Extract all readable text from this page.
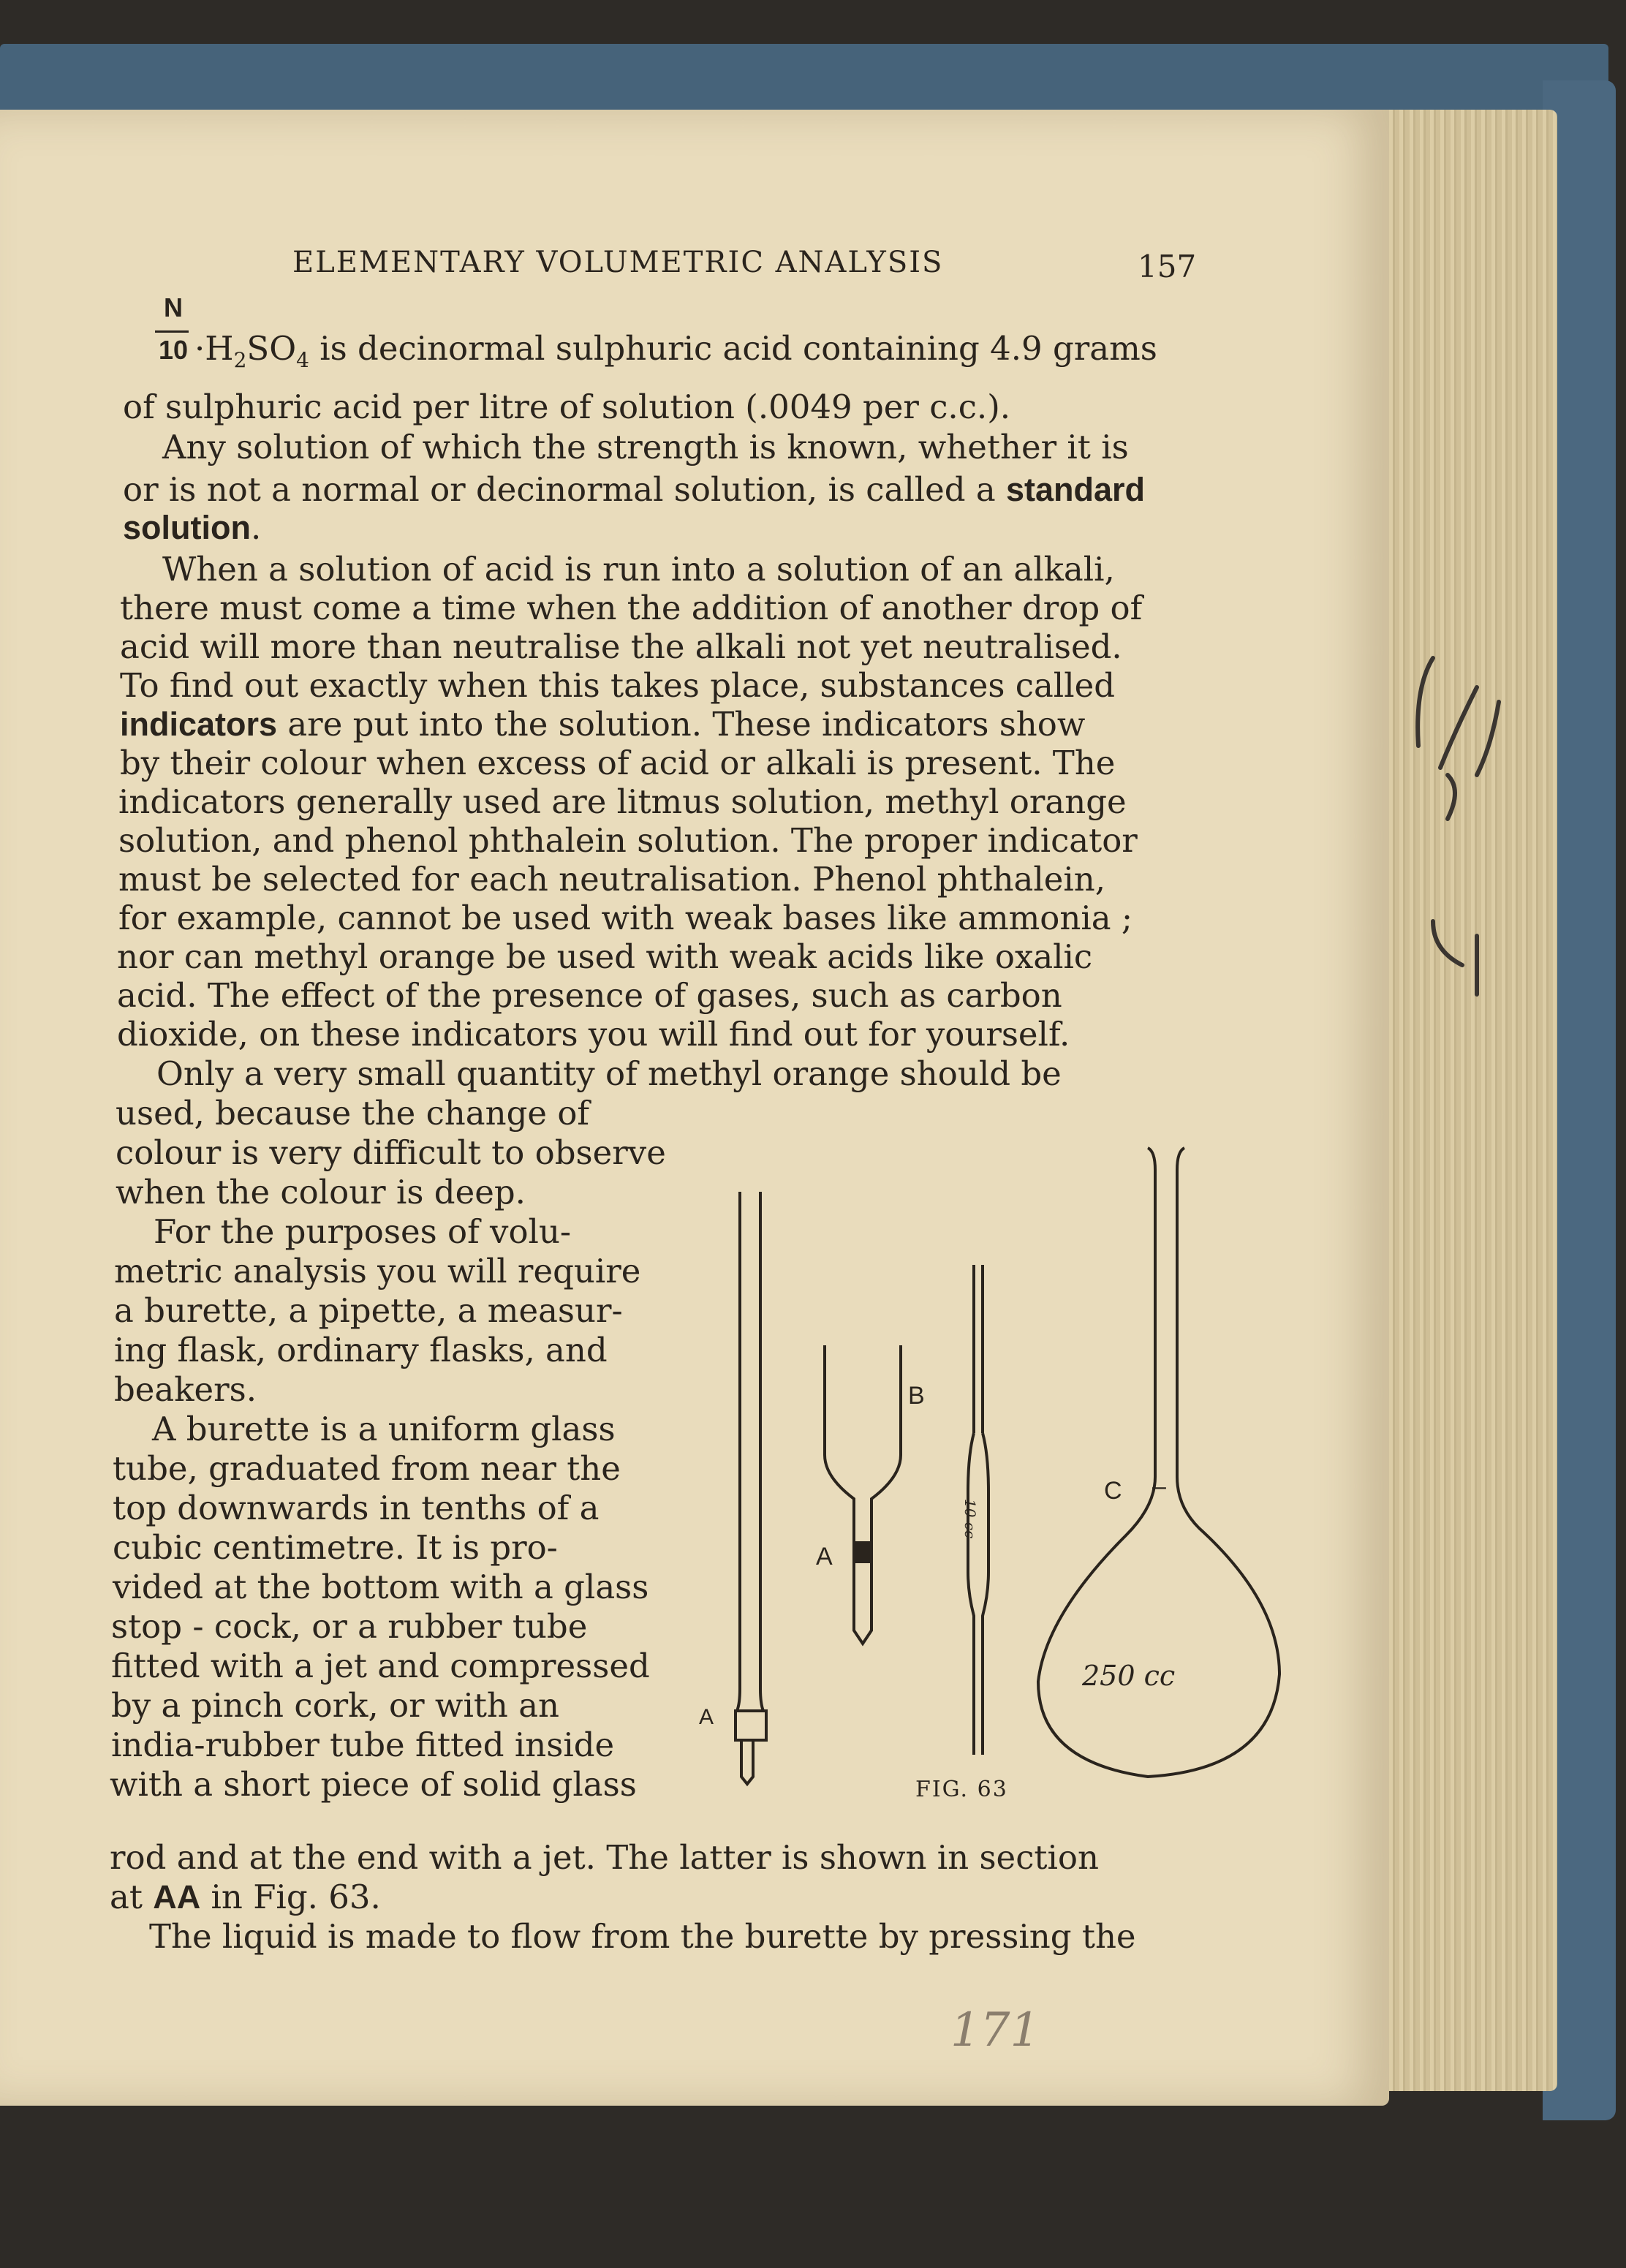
ELEMENTARY VOLUMETRIC ANALYSIS	157
N
$10 \cdot H_2SO_4$ is decinormal sulphuric acid containing 4.9 grams
of sulphuric acid per litre of solution (.0049 per c.c.).
Any solution of which the strength is known, whether it is
or is not a normal or decinormal solution, is called a standard
solution.
When a solution of acid is run into a solution of an alkali,
there must come a time when the addition of another drop of
acid will more than neutralise the alkali not yet neutralised.
To find out exactly when this takes place, substances called
indicators are put into the solution. These indicators show
by their colour when excess of acid or alkali is present. The
indicators generally used are litmus solution, methyl orange
solution, and phenol phthalein solution. The proper indicator
must be selected for each neutralisation. Phenol phthalein,
for example, cannot be used with weak bases like ammonia ;
nor can methyl orange be used with weak acids like oxalic
acid. The effect of the presence of gases, such as carbon
dioxide, on these indicators you will find out for yourself.
Only a very small quantity of methyl orange should be
used, because the change of
colour is very difficult to observe
when the colour is deep.
For the purposes of volu-
metric analysis you will require
a burette, a pipette, a measur-
ing flask, ordinary flasks, and
beakers.
A burette is a uniform glass
tube, graduated from near the
top downwards in tenths of a
cubic centimetre. It is pro-
vided at the bottom with a glass
stop - cock, or a rubber tube
fitted with a jet and compressed
by a pinch cork, or with an
india-rubber tube fitted inside
with a short piece of solid glass
rod and at the end with a jet. The latter is shown in section
at AA in Fig. 63.
The liquid is made to flow from the burette by pressing the
B
A
A
C –
250 cc
10 cc
FIG. 63
171
